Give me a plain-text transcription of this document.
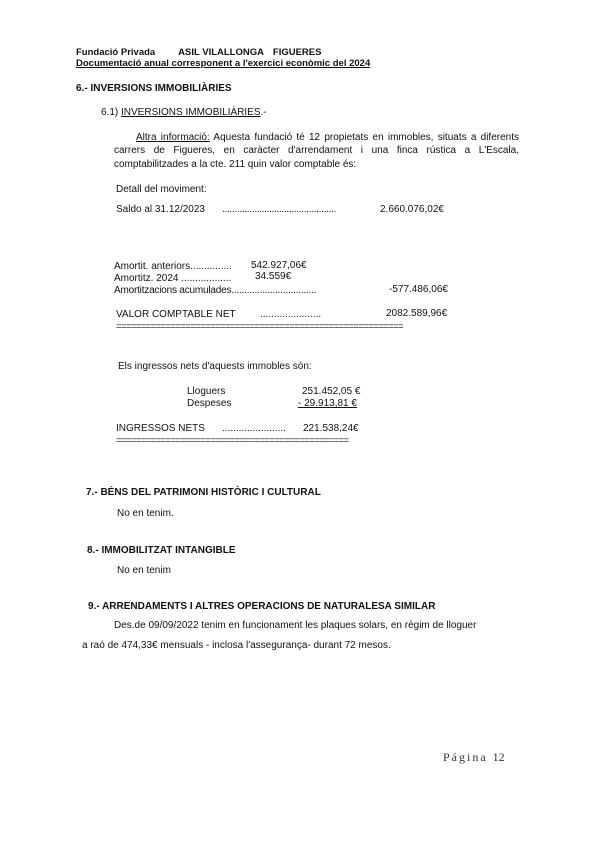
Fundació Privada ASIL VILALLONGA FIGUERES
Documentació anual corresponent a l'exercici econòmic del 2024
6.- INVERSIONS IMMOBILIÀRIES
6.1) INVERSIONS IMMOBILIÀRIES.-
Altra informació: Aquesta fundació té 12 propietats en immobles, situats a diferents carrers de Figueres, en caràcter d'arrendament i una finca rústica a L'Escala, comptabilitzades a la cte. 211 quin valor comptable és:
Detall del moviment:
Saldo al 31.12/2023 ..............................................	2.660.076,02€
Amortit. anteriors............... 542.927,06€
Amortitz. 2024 .................. 34.559€
Amortitzacions acumulades.................................	-577.486,06€
VALOR COMPTABLE NET ......................	2082.589,96€
==========================================================
Els ingressos nets d'aquests immobles són:
Lloguers	251.452,05 €
Despeses	- 29.913,81 €
INGRESSOS NETS ....................... 221.538,24€
===============================================
7.- BÉNS DEL PATRIMONI HISTÒRIC I CULTURAL
No en tenim.
8.- IMMOBILITZAT INTANGIBLE
No en tenim
9.- ARRENDAMENTS I ALTRES OPERACIONS DE NATURALESA SIMILAR
Des.de 09/09/2022 tenim en funcionament les plaques solars, en règim de lloguer
a raó de 474,33€ mensuals - inclosa l'assegurança- durant 72 mesos.
Página 12
